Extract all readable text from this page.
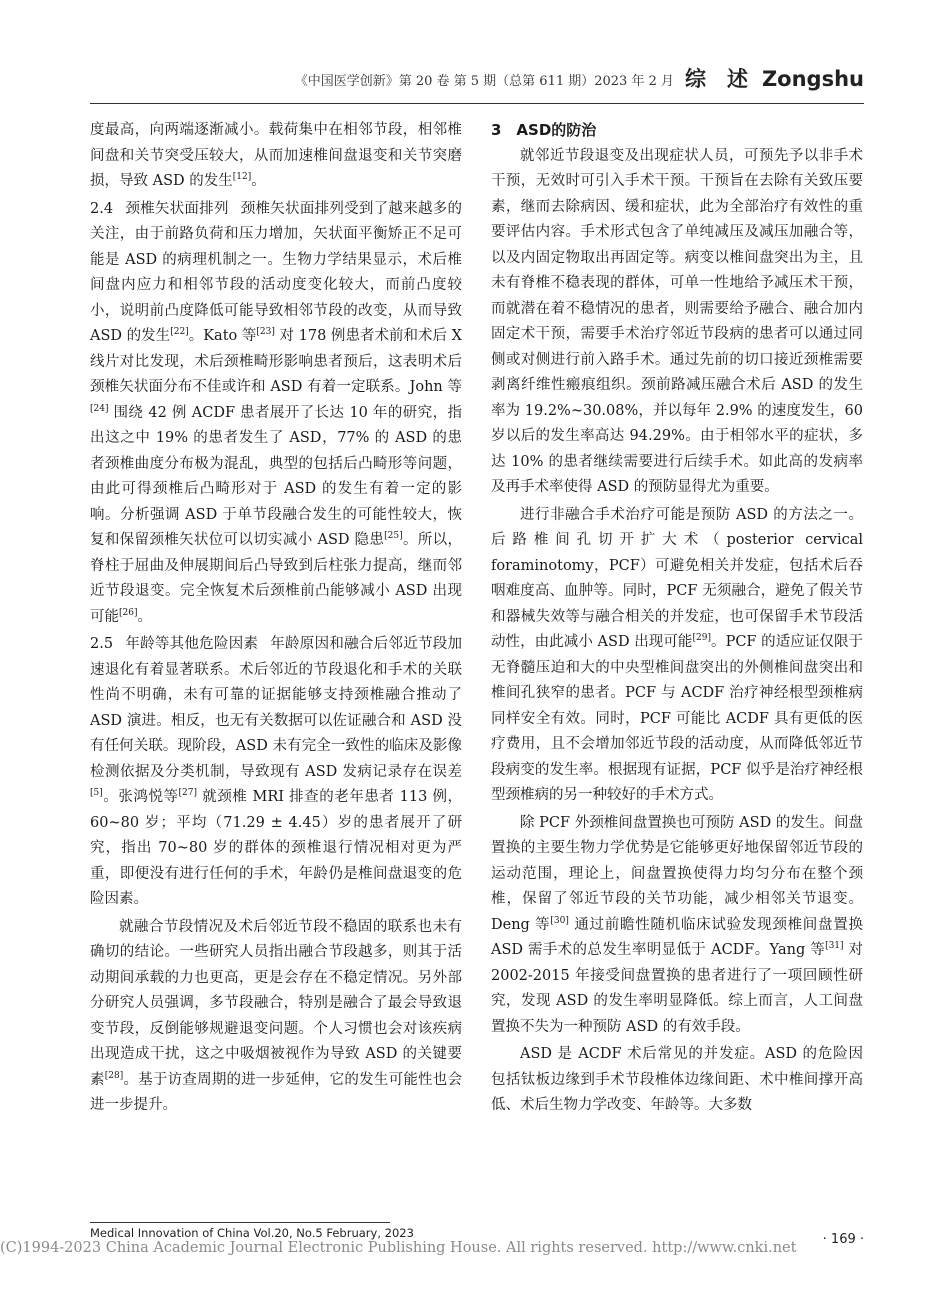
《中国医学创新》第 20 卷 第 5 期（总第 611 期）2023 年 2 月 综　述 Zongshu

度最高，向两端逐渐减小。载荷集中在相邻节段，相邻椎间盘和关节突受压较大，从而加速椎间盘退变和关节突磨损，导致 ASD 的发生[12]。

2.4 颈椎矢状面排列 颈椎矢状面排列受到了越来越多的关注，由于前路负荷和压力增加，矢状面平衡矫正不足可能是 ASD 的病理机制之一。生物力学结果显示，术后椎间盘内应力和相邻节段的活动度变化较大，而前凸度较小，说明前凸度降低可能导致相邻节段的改变，从而导致 ASD 的发生[22]。Kato 等[23] 对 178 例患者术前和术后 X 线片对比发现，术后颈椎畸形影响患者预后，这表明术后颈椎矢状面分布不佳或许和 ASD 有着一定联系。John 等[24] 围绕 42 例 ACDF 患者展开了长达 10 年的研究，指出这之中 19% 的患者发生了 ASD，77% 的 ASD 的患者颈椎曲度分布极为混乱，典型的包括后凸畸形等问题，由此可得颈椎后凸畸形对于 ASD 的发生有着一定的影响。分析强调 ASD 于单节段融合发生的可能性较大，恢复和保留颈椎矢状位可以切实减小 ASD 隐患[25]。所以，脊柱于屈曲及伸展期间后凸导致到后柱张力提高，继而邻近节段退变。完全恢复术后颈椎前凸能够减小 ASD 出现可能[26]。

2.5 年龄等其他危险因素 年龄原因和融合后邻近节段加速退化有着显著联系。术后邻近的节段退化和手术的关联性尚不明确，未有可靠的证据能够支持颈椎融合推动了 ASD 演进。相反，也无有关数据可以佐证融合和 ASD 没有任何关联。现阶段，ASD 未有完全一致性的临床及影像检测依据及分类机制，导致现有 ASD 发病记录存在误差[5]。张鸿悦等[27] 就颈椎 MRI 排查的老年患者 113 例，60~80 岁；平均（71.29 ± 4.45）岁的患者展开了研究，指出 70~80 岁的群体的颈椎退行情况相对更为严重，即便没有进行任何的手术，年龄仍是椎间盘退变的危险因素。

就融合节段情况及术后邻近节段不稳固的联系也未有确切的结论。一些研究人员指出融合节段越多，则其于活动期间承载的力也更高，更是会存在不稳定情况。另外部分研究人员强调，多节段融合，特别是融合了最会导致退变节段，反倒能够规避退变问题。个人习惯也会对该疾病出现造成干扰，这之中吸烟被视作为导致 ASD 的关键要素[28]。基于访查周期的进一步延伸，它的发生可能性也会进一步提升。

3　ASD的防治

就邻近节段退变及出现症状人员，可预先予以非手术干预，无效时可引入手术干预。干预旨在去除有关致压要素，继而去除病因、缓和症状，此为全部治疗有效性的重要评估内容。手术形式包含了单纯减压及减压加融合等，以及内固定物取出再固定等。病变以椎间盘突出为主，且未有脊椎不稳表现的群体，可单一性地给予减压术干预，而就潜在着不稳情况的患者，则需要给予融合、融合加内固定术干预，需要手术治疗邻近节段病的患者可以通过同侧或对侧进行前入路手术。通过先前的切口接近颈椎需要剥离纤维性瘢痕组织。颈前路减压融合术后 ASD 的发生率为 19.2%~30.08%，并以每年 2.9% 的速度发生，60 岁以后的发生率高达 94.29%。由于相邻水平的症状，多达 10% 的患者继续需要进行后续手术。如此高的发病率及再手术率使得 ASD 的预防显得尤为重要。

进行非融合手术治疗可能是预防 ASD 的方法之一。后路椎间孔切开扩大术（posterior cervical foraminotomy，PCF）可避免相关并发症，包括术后吞咽难度高、血肿等。同时，PCF 无须融合，避免了假关节和器械失效等与融合相关的并发症，也可保留手术节段活动性，由此减小 ASD 出现可能[29]。PCF 的适应证仅限于无脊髓压迫和大的中央型椎间盘突出的外侧椎间盘突出和椎间孔狭窄的患者。PCF 与 ACDF 治疗神经根型颈椎病同样安全有效。同时，PCF 可能比 ACDF 具有更低的医疗费用，且不会增加邻近节段的活动度，从而降低邻近节段病变的发生率。根据现有证据，PCF 似乎是治疗神经根型颈椎病的另一种较好的手术方式。

除 PCF 外颈椎间盘置换也可预防 ASD 的发生。间盘置换的主要生物力学优势是它能够更好地保留邻近节段的运动范围，理论上，间盘置换使得力均匀分布在整个颈椎，保留了邻近节段的关节功能，减少相邻关节退变。Deng 等[30] 通过前瞻性随机临床试验发现颈椎间盘置换 ASD 需手术的总发生率明显低于 ACDF。Yang 等[31] 对 2002-2015 年接受间盘置换的患者进行了一项回顾性研究，发现 ASD 的发生率明显降低。综上而言，人工间盘置换不失为一种预防 ASD 的有效手段。

ASD 是 ACDF 术后常见的并发症。ASD 的危险因包括钛板边缘到手术节段椎体边缘间距、术中椎间撑开高低、术后生物力学改变、年龄等。大多数

Medical Innovation of China Vol.20, No.5 February, 2023	· 169 ·
(C)1994-2023 China Academic Journal Electronic Publishing House. All rights reserved. http://www.cnki.net
